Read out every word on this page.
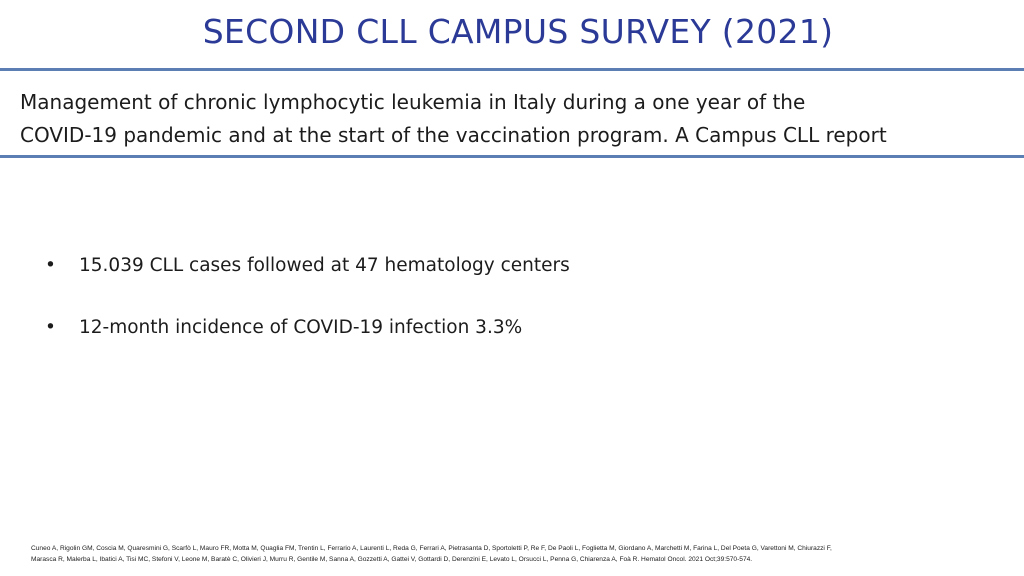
SECOND CLL CAMPUS SURVEY (2021)
Management of chronic lymphocytic leukemia in Italy during a one year of the
COVID-19 pandemic and at the start of the vaccination program. A Campus CLL report
• 15.039 CLL cases followed at 47 hematology centers
• 12-month incidence of COVID-19 infection 3.3%
Cuneo A, Rigolin GM, Coscia M, Quaresmini G, Scarfò L, Mauro FR, Motta M, Quaglia FM, Trentin L, Ferrario A, Laurenti L, Reda G, Ferrari A, Pietrasanta D, Sportoletti P, Re F, De Paoli L, Foglietta M, Giordano A, Marchetti M, Farina L, Del Poeta G, Varettoni M, Chiurazzi F,
Marasca R, Malerba L, Ibatici A, Tisi MC, Stefoni V, Leone M, Baratè C, Olivieri J, Murru R, Gentile M, Sanna A, Gozzetti A, Gattei V, Gottardi D, Derenzini E, Levato L, Orsucci L, Penna G, Chiarenza A, Foà R. Hematol Oncol. 2021 Oct;39:570-574.
